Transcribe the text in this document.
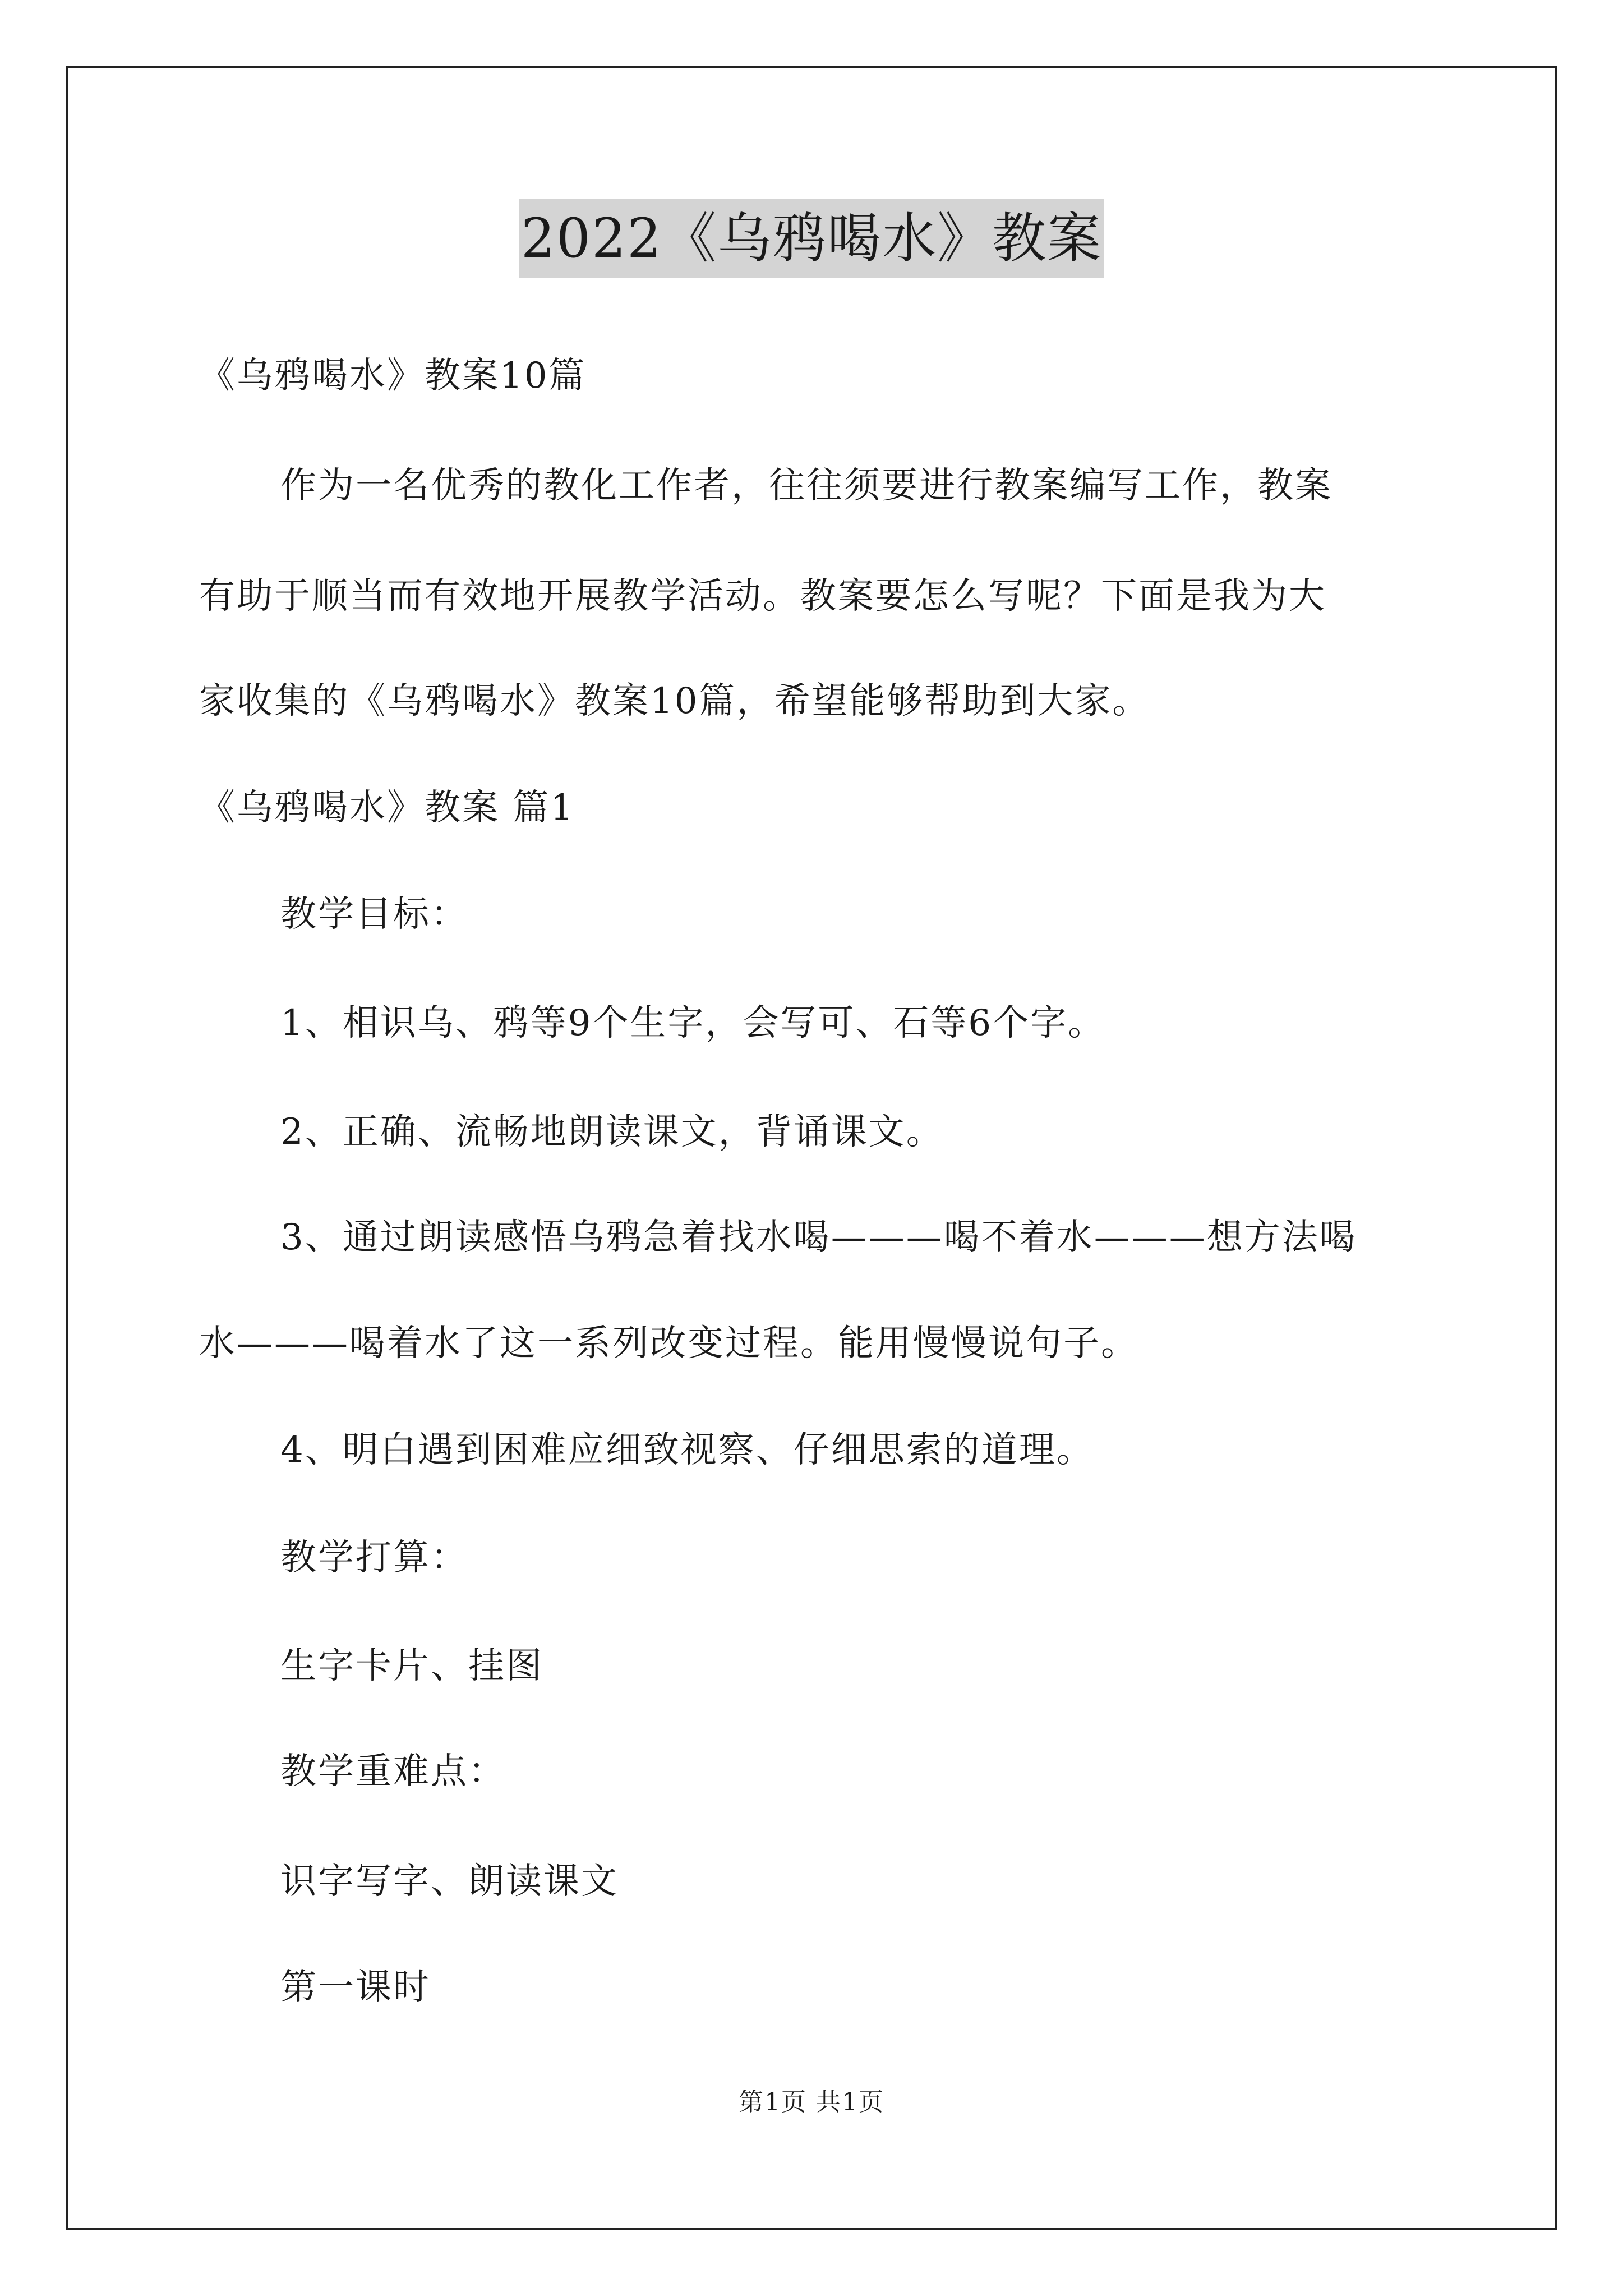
2022《乌鸦喝水》教案
《乌鸦喝水》教案10篇
作为一名优秀的教化工作者，往往须要进行教案编写工作，教案
有助于顺当而有效地开展教学活动。教案要怎么写呢？下面是我为大
家收集的《乌鸦喝水》教案10篇，希望能够帮助到大家。
《乌鸦喝水》教案 篇1
教学目标：
1、相识乌、鸦等9个生字，会写可、石等6个字。
2、正确、流畅地朗读课文，背诵课文。
3、通过朗读感悟乌鸦急着找水喝———喝不着水———想方法喝
水———喝着水了这一系列改变过程。能用慢慢说句子。
4、明白遇到困难应细致视察、仔细思索的道理。
教学打算：
生字卡片、挂图
教学重难点：
识字写字、朗读课文
第一课时
第1页 共1页
